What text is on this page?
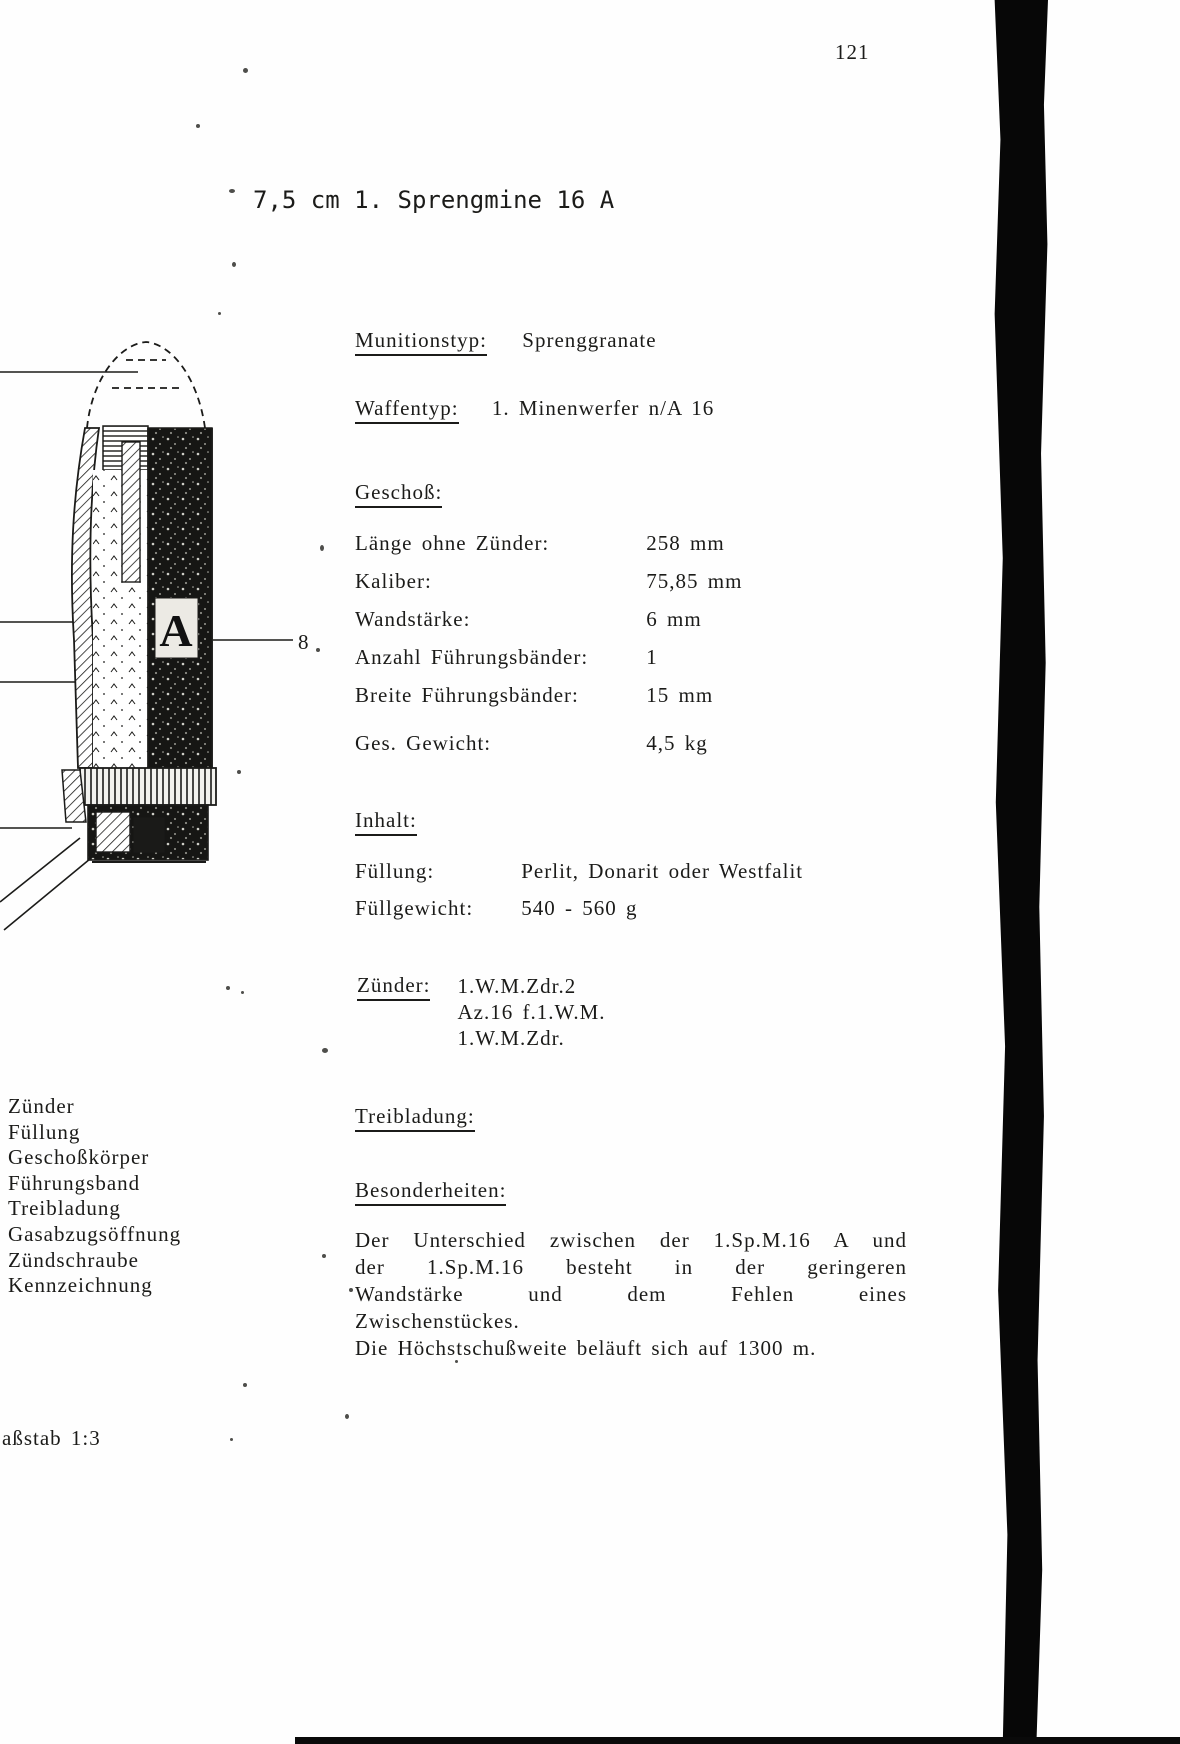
121
7,5 cm 1. Sprengmine 16 A
A	8
Munitionstyp: Sprenggranate
Waffentyp: 1. Minenwerfer n/A 16
Geschoß:
Länge ohne Zünder:	258 mm
Kaliber:	75,85 mm
Wandstärke:	6 mm
Anzahl Führungsbänder:	1
Breite Führungsbänder:	15 mm
Ges. Gewicht:	4,5 kg
Inhalt:
Füllung:	Perlit, Donarit oder Westfalit
Füllgewicht: 540 - 560 g
Zünder: 1.W.M.Zdr.2
Az.16 f.1.W.M.
1.W.M.Zdr.
Treibladung:
Besonderheiten:
Der Unterschied zwischen der 1.Sp.M.16 A und
der 1.Sp.M.16 besteht in der geringeren
Wandstärke und dem Fehlen eines
Zwischenstückes.
Die Höchstschußweite beläuft sich auf 1300 m.
Zünder
Füllung
Geschoßkörper
Führungsband
Treibladung
Gasabzugsöffnung
Zündschraube
Kennzeichnung
aßstab 1:3
